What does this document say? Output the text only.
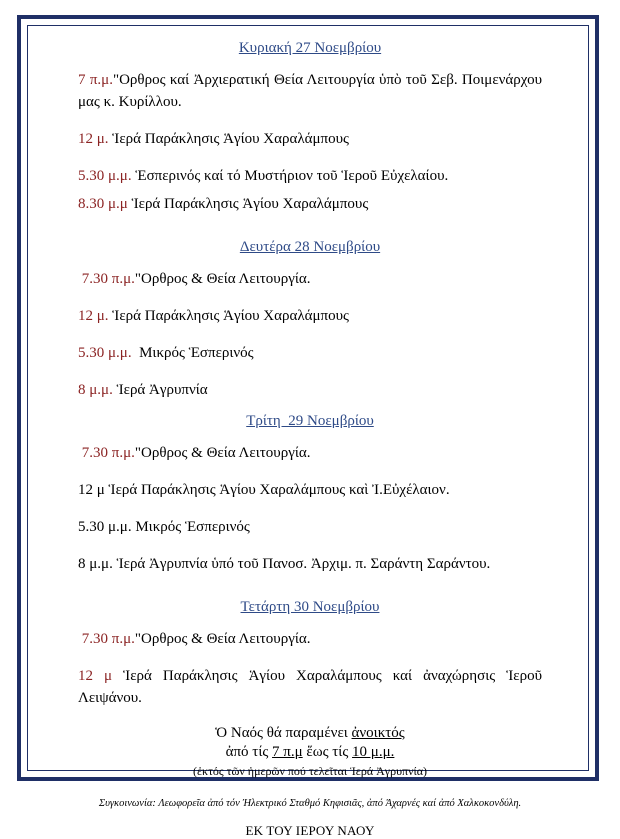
Κυριακή 27 Νοεμβρίου

7 π.μ."Ορθρος καί Ἀρχιερατική Θεία Λειτουργία ὑπὸ τοῦ Σεβ. Ποιμενάρχου μας κ. Κυρίλλου.

12 μ. Ἱερά Παράκλησις Ἁγίου Χαραλάμπους

5.30 μ.μ. Ἑσπερινός καί τό Μυστήριον τοῦ Ἱεροῦ Εὐχελαίου.

8.30 μ.μ Ἱερά Παράκλησις Ἁγίου Χαραλάμπους

Δευτέρα 28 Νοεμβρίου

7.30 π.μ."Ορθρος & Θεία Λειτουργία.

12 μ. Ἱερά Παράκλησις Ἁγίου Χαραλάμπους

5.30 μ.μ. Μικρός Ἑσπερινός

8 μ.μ. Ἱερά Ἀγρυπνία

Τρίτη  29 Νοεμβρίου

7.30 π.μ."Ορθρος & Θεία Λειτουργία.

12 μ Ἱερά Παράκλησις Ἁγίου Χαραλάμπους καὶ Ἰ.Εὐχέλαιον.

5.30 μ.μ. Μικρός Ἑσπερινός

8 μ.μ. Ἱερά Ἀγρυπνία ὑπό τοῦ Πανοσ. Ἀρχιμ. π. Σαράντη Σαράντου.

Τετάρτη 30 Νοεμβρίου

7.30 π.μ."Ορθρος & Θεία Λειτουργία.

12 μ Ἱερά Παράκλησις Ἁγίου Χαραλάμπους καί ἀναχώρησις Ἱεροῦ Λειψάνου.

Ὁ Ναός θά παραμένει ἀνοικτός
ἀπό τίς 7 π.μ ἕως τίς 10 μ.μ.
(ἐκτός τῶν ἡμερῶν πού τελεῖται Ἱερά Ἀγρυπνία)
Συγκοινωνία: Λεωφορεῖα ἀπό τόν Ἠλεκτρικό Σταθμό Κηφισιᾶς, ἀπό Ἀχαρνές καί ἀπό Χαλκοκονδύλη.
ΕΚ ΤΟΥ ΙΕΡΟΥ ΝΑΟΥ
